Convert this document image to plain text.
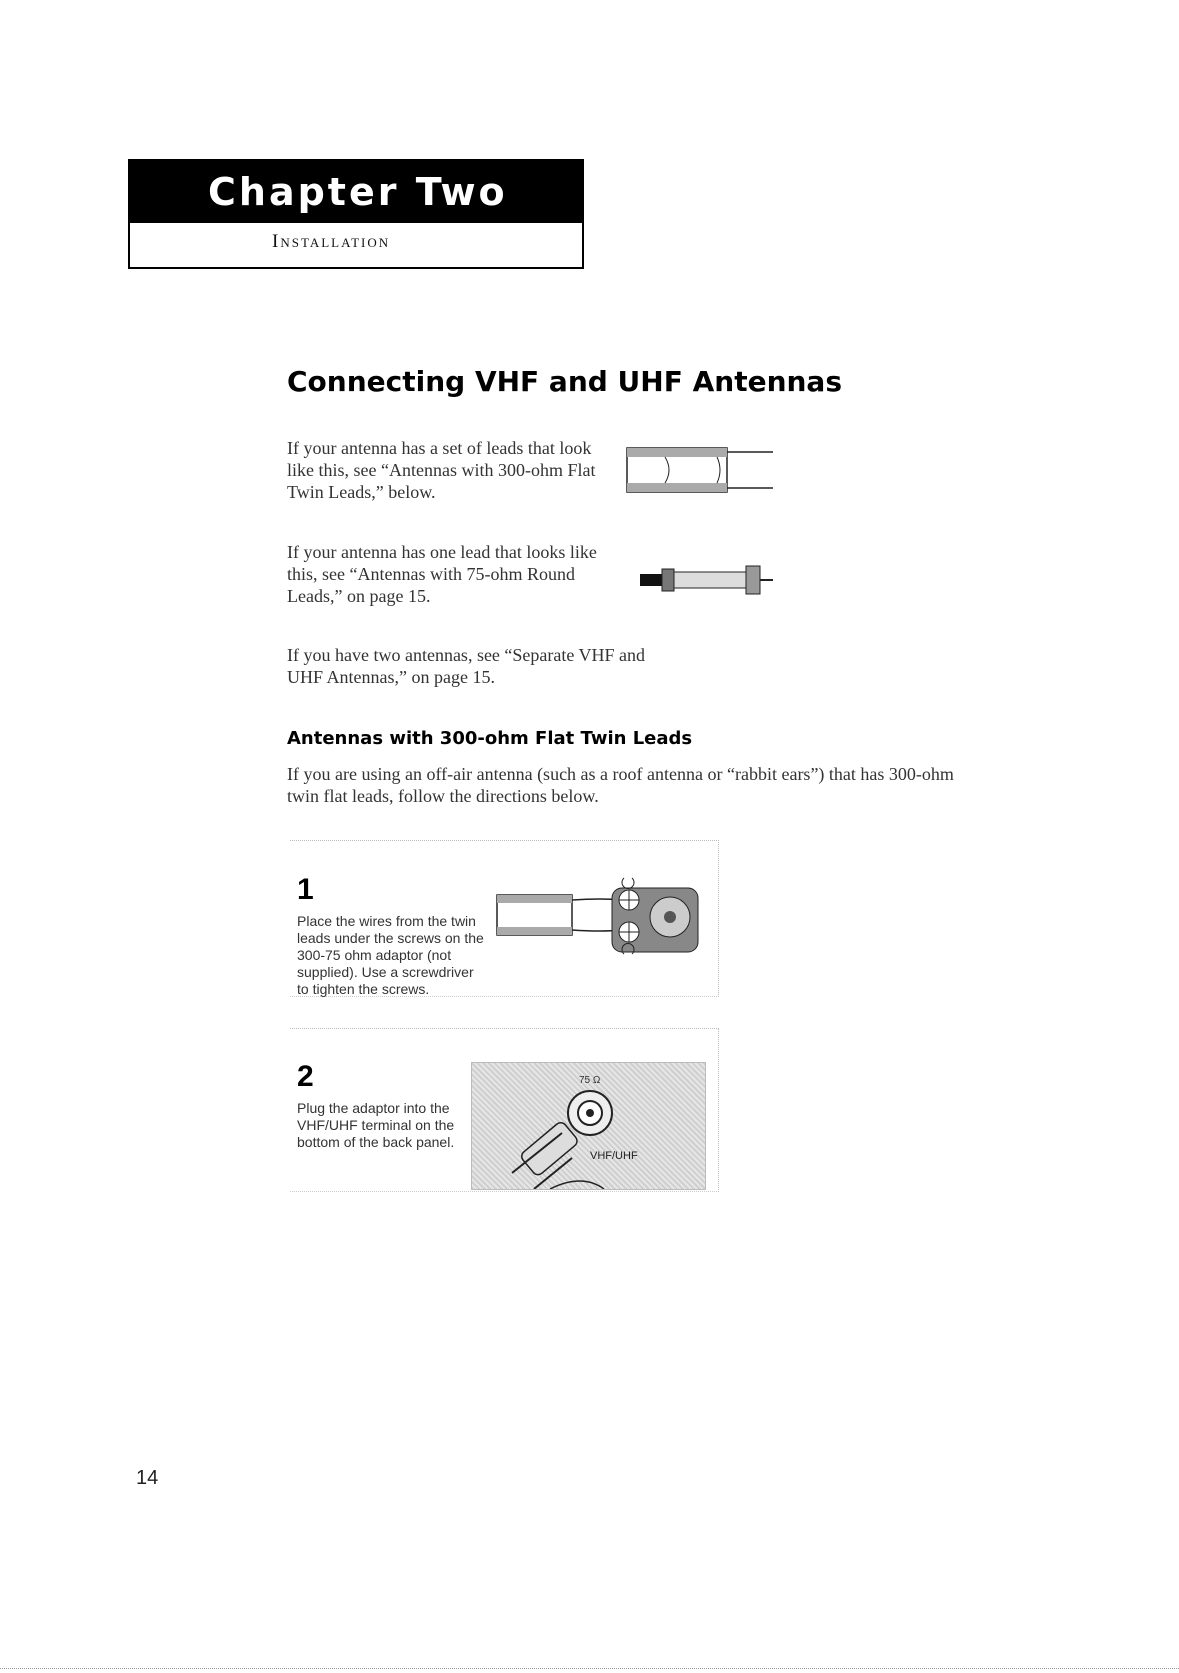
Chapter Two
Installation
Connecting VHF and UHF Antennas

If your antenna has a set of leads that look like this, see “Antennas with 300-ohm Flat Twin Leads,” below.

If your antenna has one lead that looks like this, see “Antennas with 75-ohm Round Leads,” on page 15.

If you have two antennas, see “Separate VHF and UHF Antennas,” on page 15.

Antennas with 300-ohm Flat Twin Leads

If you are using an off-air antenna (such as a roof antenna or “rabbit ears”) that has 300-ohm twin flat leads, follow the directions below.

1
Place the wires from the twin leads under the screws on the 300-75 ohm adaptor (not supplied). Use a screwdriver to tighten the screws.
2
Plug the adaptor into the VHF/UHF terminal on the bottom of the back panel.
75 Ω
VHF/UHF
14
